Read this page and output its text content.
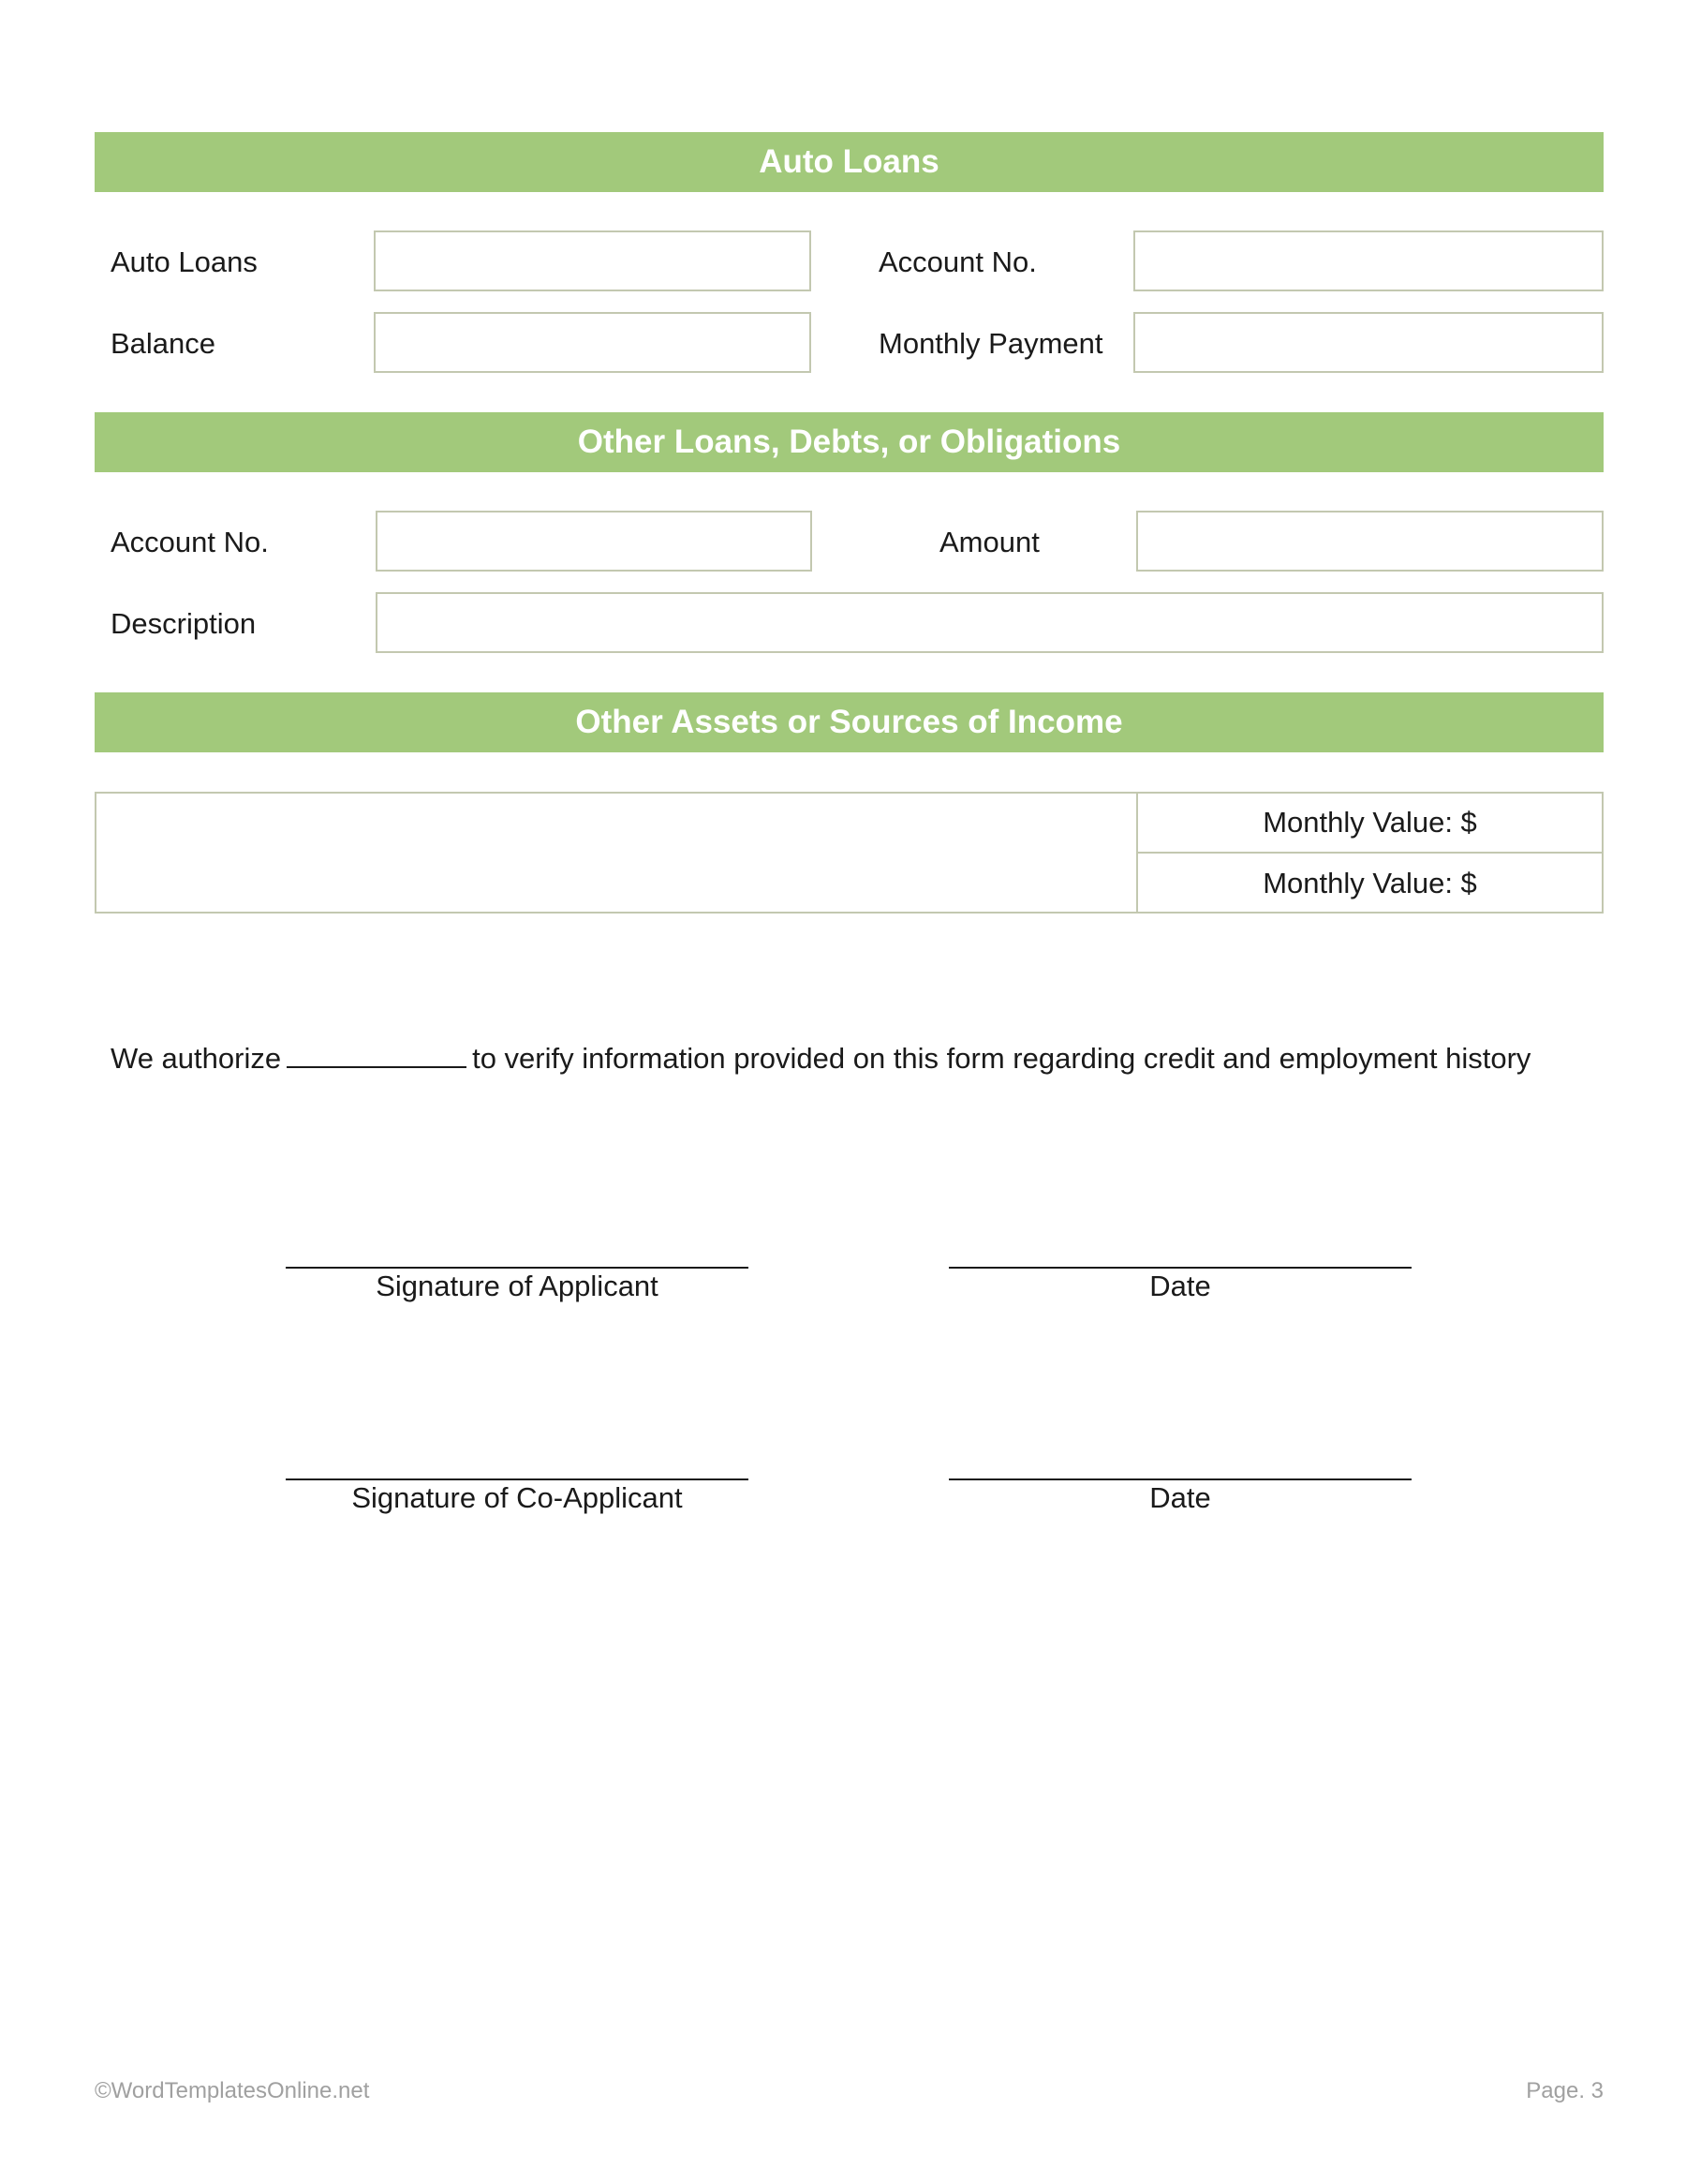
Auto Loans
Auto Loans	Account No.
Balance	Monthly Payment
Other Loans, Debts, or Obligations
Account No.	Amount
Description
Other Assets or Sources of Income
Monthly Value: $
Monthly Value: $
We authorize	to verify information provided on this form regarding credit and employment history
Signature of Applicant	Date
Signature of Co-Applicant	Date
©WordTemplatesOnline.net	Page. 3
